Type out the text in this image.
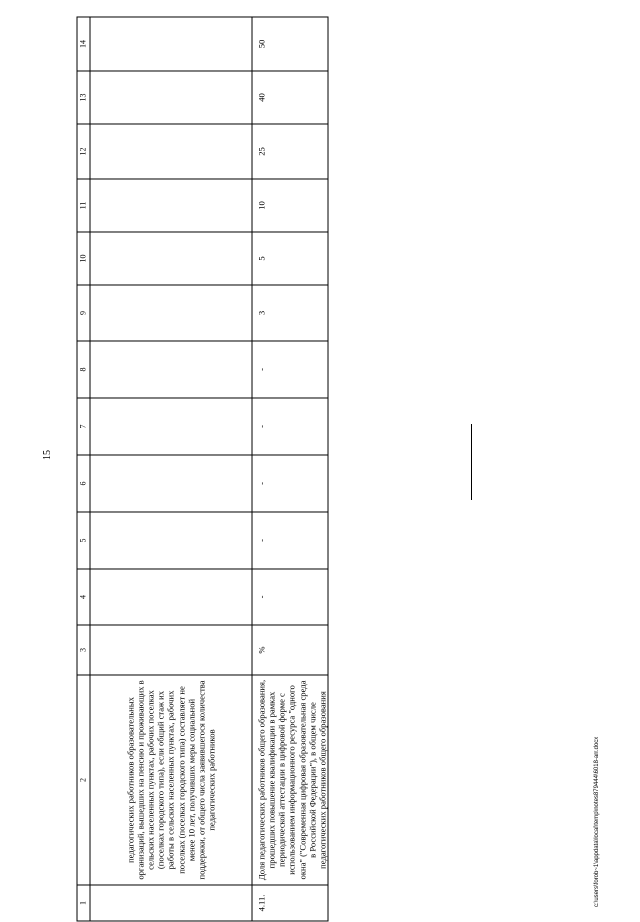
15
c:\users\forob~1\appdata\local\temp\notes879444\6018-arr.docx
1	2	3	4	5	6	7	8	9	10	11	12	13	14
	педагогических работников образовательных организаций, вышедших на пенсию и проживающих в сельских населенных пунктах, рабочих поселках (поселках городского типа), если общий стаж их работы в сельских населенных пунктах, рабочих поселках (поселках городского типа) составляет не менее 10 лет, получивших меры социальной поддержки, от общего числа заявившегося количества педагогических работников												
4.11.	Доля педагогических работников общего образования, прошедших повышение квалификации в рамках периодической аттестации в цифровой форме с использованием информационного ресурса "одного окна" ("Современная цифровая образовательная среда в Российской Федерации"), в общем числе педагогических работников общего образования	%	-	-	-	-	-	3	5	10	25	40	50
